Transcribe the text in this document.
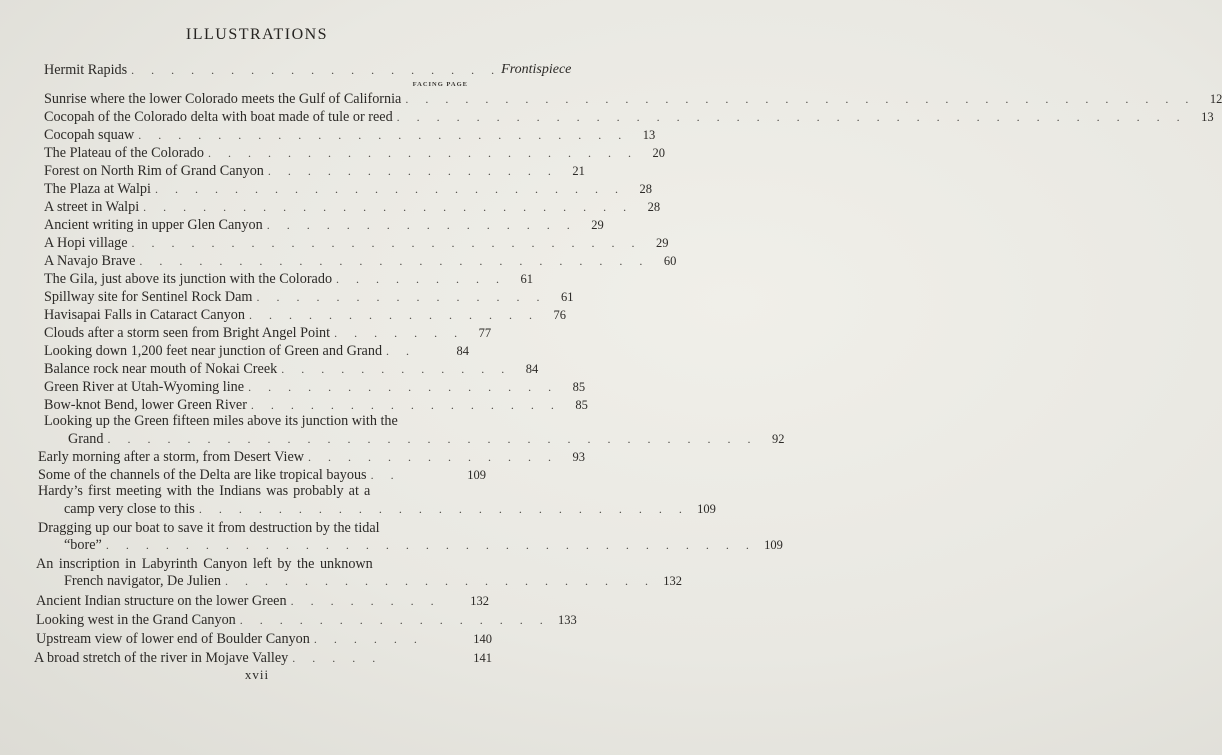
ILLUSTRATIONS
Hermit Rapids . . . . . . . . . . . . . . . . . . . Frontispiece
FACING PAGE
Sunrise where the lower Colorado meets the Gulf of California . . . . . . . . . . . . . . . . . . . . . . . . . . . . . . . . . . . . . . . .	12
Cocopah of the Colorado delta with boat made of tule or reed . . . . . . . . . . . . . . . . . . . . . . . . . . . . . . . . . . . . . . . .	13
Cocopah squaw . . . . . . . . . . . . . . . . . . . . . . . . .	13
The Plateau of the Colorado . . . . . . . . . . . . . . . . . . . . . .	20
Forest on North Rim of Grand Canyon . . . . . . . . . . . . . . .	21
The Plaza at Walpi . . . . . . . . . . . . . . . . . . . . . . . .	28
A street in Walpi . . . . . . . . . . . . . . . . . . . . . . . . .	28
Ancient writing in upper Glen Canyon . . . . . . . . . . . . . . . .	29
A Hopi village . . . . . . . . . . . . . . . . . . . . . . . . . .	29
A Navajo Brave . . . . . . . . . . . . . . . . . . . . . . . . . .	60
The Gila, just above its junction with the Colorado . . . . . . . . .	61
Spillway site for Sentinel Rock Dam . . . . . . . . . . . . . . .	61
Havisapai Falls in Cataract Canyon . . . . . . . . . . . . . . .	76
Clouds after a storm seen from Bright Angel Point . . . . . . .	77
Looking down 1,200 feet near junction of Green and Grand . .	84
Balance rock near mouth of Nokai Creek . . . . . . . . . . . .	84
Green River at Utah-Wyoming line . . . . . . . . . . . . . . . .	85
Bow-knot Bend, lower Green River . . . . . . . . . . . . . . . .	85
Looking up the Green fifteen miles above its junction with the
Grand . . . . . . . . . . . . . . . . . . . . . . . . . . . . . . . . .	92
Early morning after a storm, from Desert View . . . . . . . . . . . . .	93
Some of the channels of the Delta are like tropical bayous . .	109
Hardy’s first meeting with the Indians was probably at a
camp very close to this . . . . . . . . . . . . . . . . . . . . . . . . . 109
Dragging up our boat to save it from destruction by the tidal
“bore” . . . . . . . . . . . . . . . . . . . . . . . . . . . . . . . . . 109
An inscription in Labyrinth Canyon left by the unknown
French navigator, De Julien . . . . . . . . . . . . . . . . . . . . . . 132
Ancient Indian structure on the lower Green . . . . . . . .	132
Looking west in the Grand Canyon . . . . . . . . . . . . . . . . 133
Upstream view of lower end of Boulder Canyon . . . . . .	140
A broad stretch of the river in Mojave Valley . . . . .	141
xvii
